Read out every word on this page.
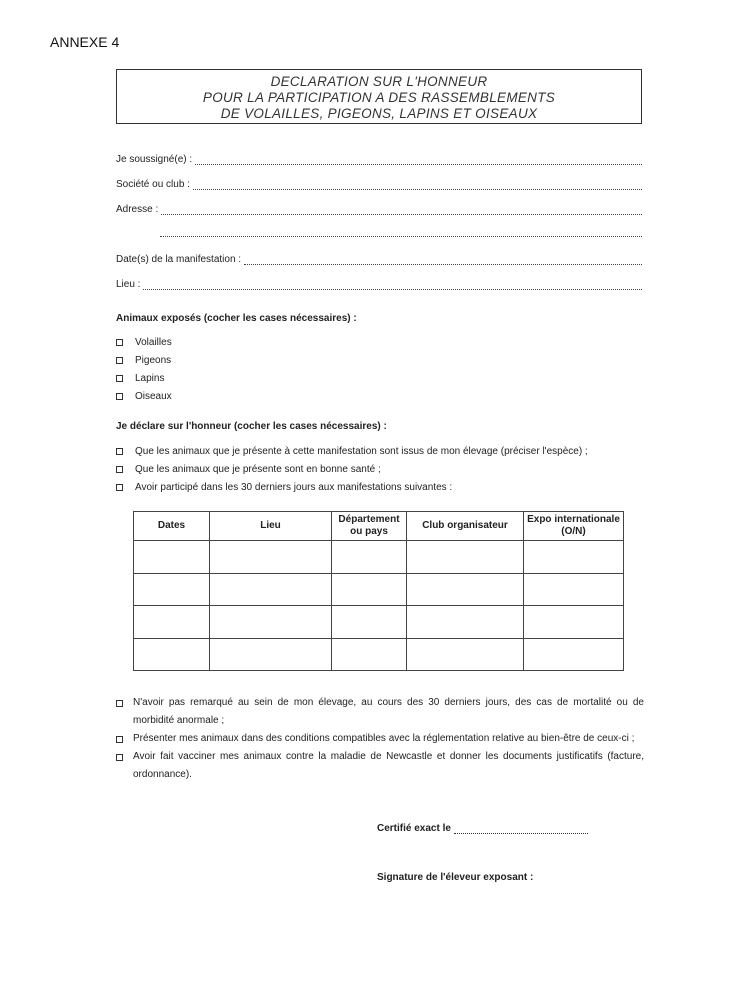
ANNEXE 4
DECLARATION SUR L'HONNEUR
POUR LA PARTICIPATION A DES RASSEMBLEMENTS
DE VOLAILLES, PIGEONS, LAPINS ET OISEAUX
Je soussigné(e) :
Société ou club :
Adresse :
Date(s) de la manifestation :
Lieu :
Animaux exposés (cocher les cases nécessaires) :
Volailles
Pigeons
Lapins
Oiseaux
Je déclare sur l'honneur (cocher les cases nécessaires) :
Que les animaux que je présente à cette manifestation sont issus de mon élevage (préciser l'espèce) ;
Que les animaux que je présente sont en bonne santé ;
Avoir participé dans les 30 derniers jours aux manifestations suivantes :
Dates	Lieu	Département ou pays	Club organisateur	Expo internationale (O/N)

N'avoir pas remarqué au sein de mon élevage, au cours des 30 derniers jours, des cas de mortalité ou de morbidité anormale ;
Présenter mes animaux dans des conditions compatibles avec la réglementation relative au bien-être de ceux-ci ;
Avoir fait vacciner mes animaux contre la maladie de Newcastle et donner les documents justificatifs (facture, ordonnance).
Certifié exact le
Signature de l'éleveur exposant :
